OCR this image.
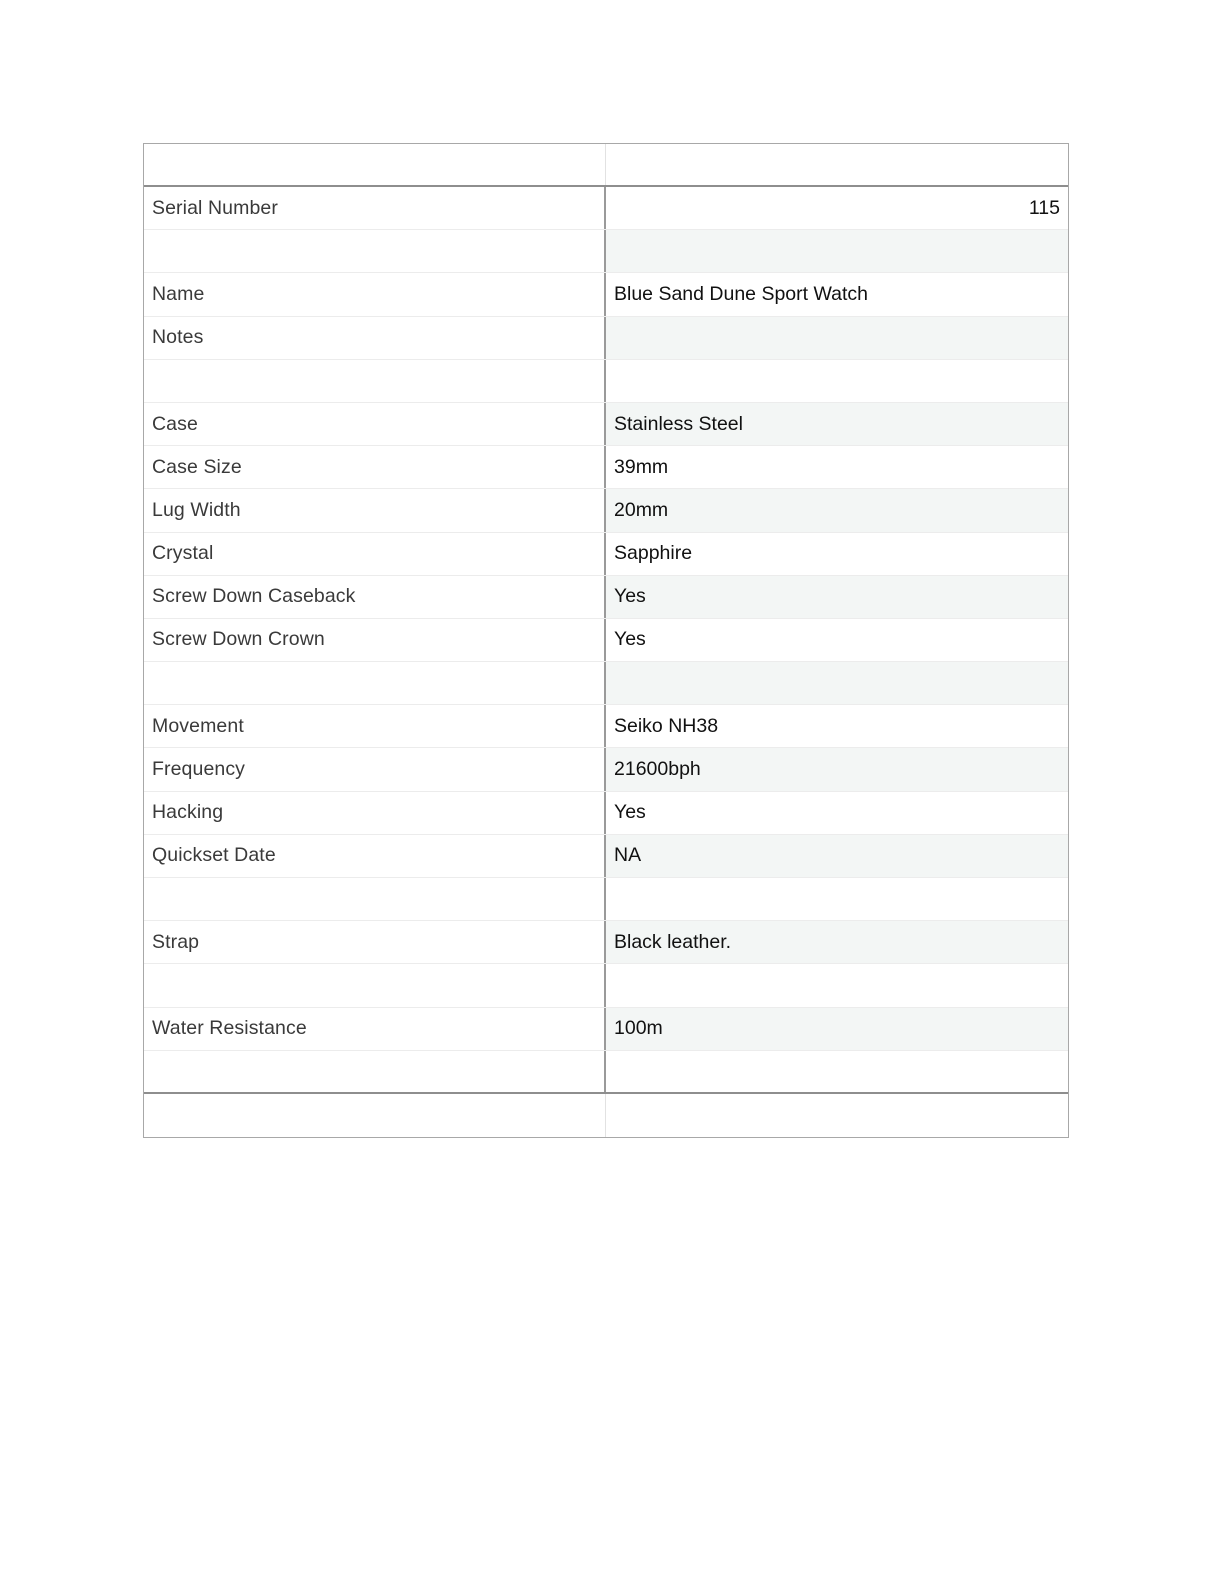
Serial Number	115
Name	Blue Sand Dune Sport Watch
Notes
Case	Stainless Steel
Case Size	39mm
Lug Width	20mm
Crystal	Sapphire
Screw Down Caseback	Yes
Screw Down Crown	Yes
Movement	Seiko NH38
Frequency	21600bph
Hacking	Yes
Quickset Date	NA
Strap	Black leather.
Water Resistance	100m
